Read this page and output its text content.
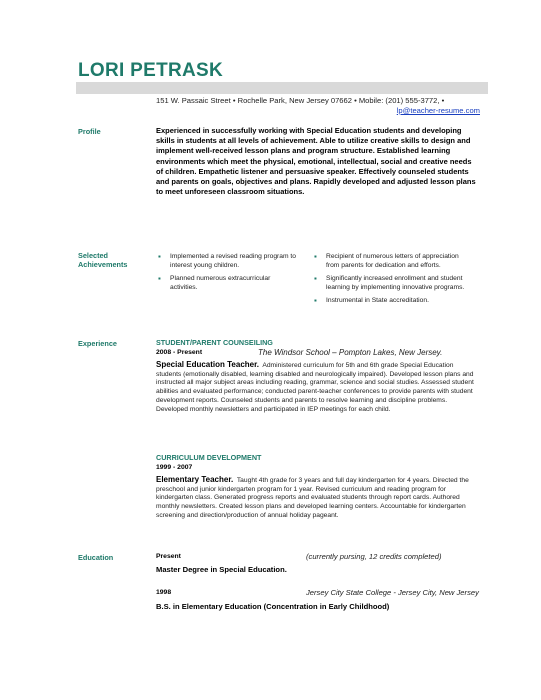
LORI PETRASK
151 W. Passaic Street • Rochelle Park, New Jersey 07662 • Mobile: (201) 555-3772, •

lp@teacher-resume.com
Profile	Experienced in successfully working with Special Education students and developing skills in students at all levels of achievement. Able to utilize creative skills to design and implement well-received lesson plans and program structure. Established learning environments which meet the physical, emotional, intellectual, social and creative needs of children. Empathetic listener and persuasive speaker. Effectively counseled students and parents on goals, objectives and plans. Rapidly developed and adjusted lesson plans to meet unforeseen classroom situations.
Selected
Achievements
▪ Implemented a revised reading program to interest young children.
▪ Planned numerous extracurricular activities.
▪ Recipient of numerous letters of appreciation from parents for dedication and efforts.
▪ Significantly increased enrollment and student learning by implementing innovative programs.
▪ Instrumental in State accreditation.
Experience	STUDENT/PARENT COUNSEILING
2008 - Present	The Windsor School – Pompton Lakes, New Jersey.
Special Education Teacher. Administered curriculum for 5th and 6th grade Special Education students (emotionally disabled, learning disabled and neurologically impaired). Developed lesson plans and instructed all major subject areas including reading, grammar, science and social studies. Assessed student abilities and evaluated performance; conducted parent-teacher conferences to provide parents with student development reports. Counseled students and parents to resolve learning and discipline problems. Developed monthly newsletters and participated in IEP meetings for each child.
CURRICULUM DEVELOPMENT
1999 - 2007
Elementary Teacher. Taught 4th grade for 3 years and full day kindergarten for 4 years. Directed the preschool and junior kindergarten program for 1 year. Revised curriculum and reading program for kindergarten class. Generated progress reports and evaluated students through report cards. Authored monthly newsletters. Created lesson plans and developed learning centers. Accountable for kindergarten screening and direction/production of annual holiday pageant.
Education	Present	(currently pursing, 12 credits completed)
Master Degree in Special Education.
1998	Jersey City State College - Jersey City, New Jersey
B.S. in Elementary Education (Concentration in Early Childhood)
